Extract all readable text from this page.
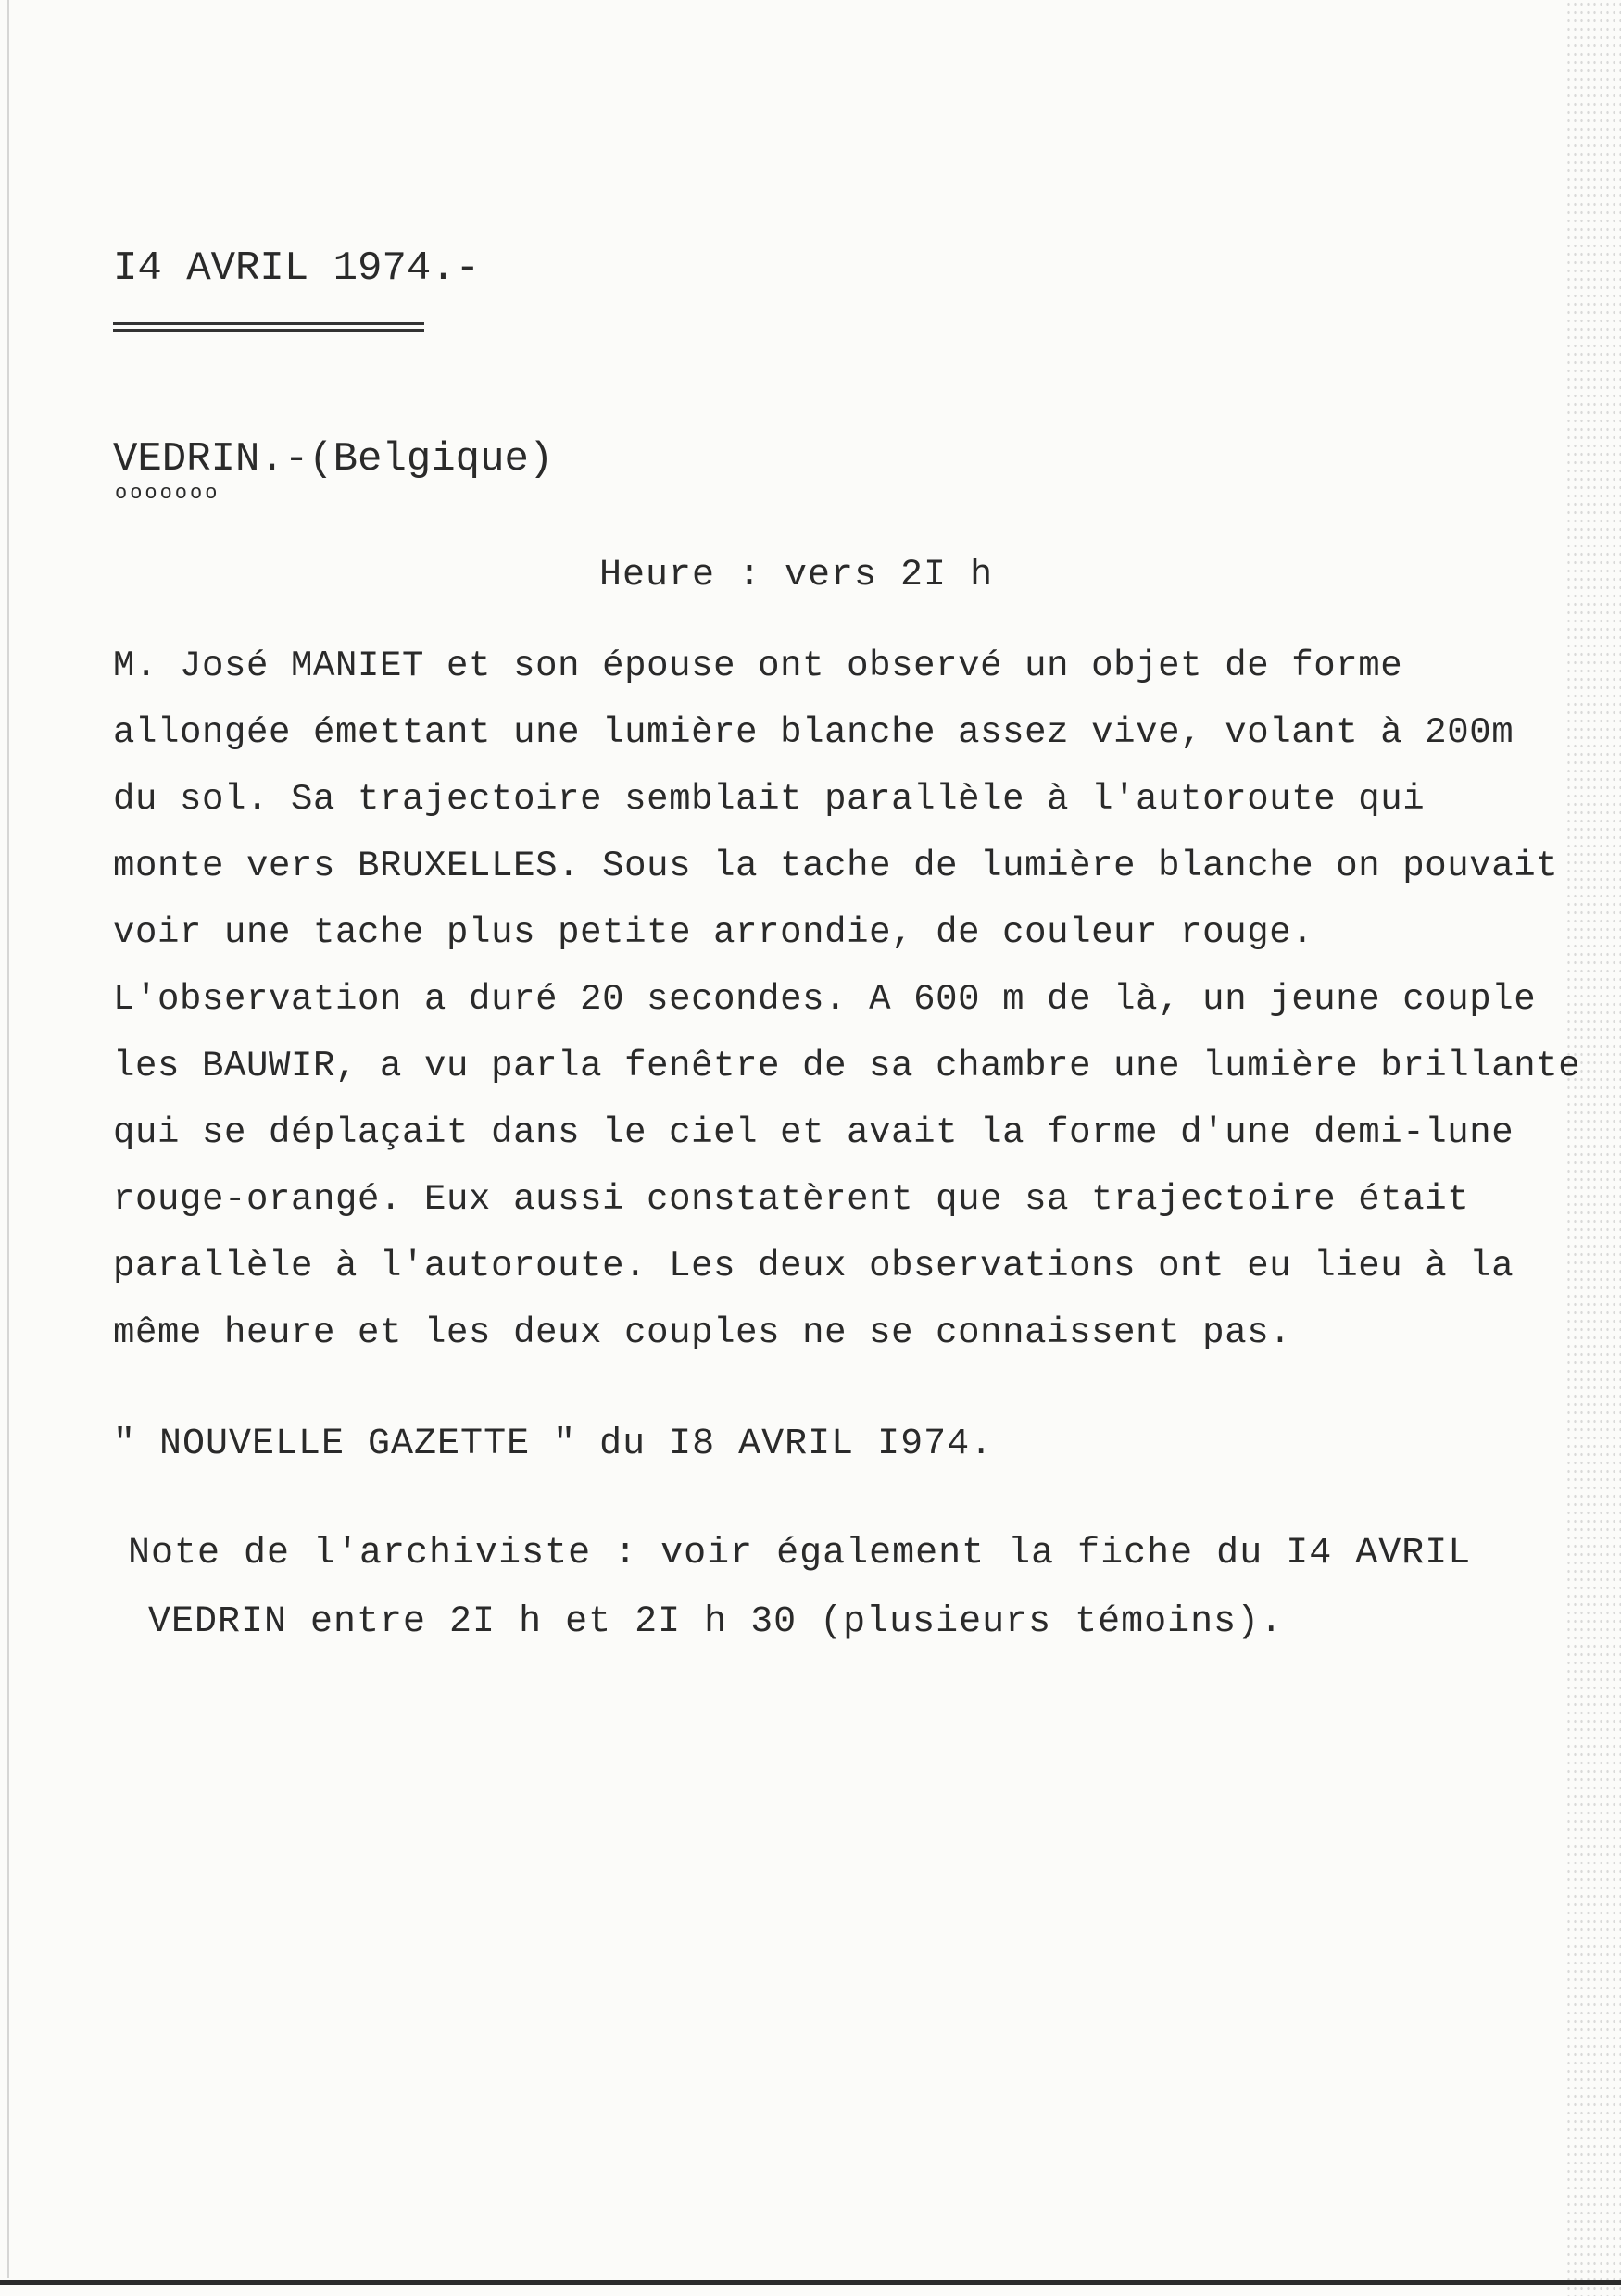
I4 AVRIL 1974.-
VEDRIN.-(Belgique)
ooooooo
Heure : vers 2I h
M. José MANIET et son épouse ont observé un objet de forme
allongée émettant une lumière blanche assez vive, volant à 200m
du sol. Sa trajectoire semblait parallèle à l'autoroute qui
monte vers BRUXELLES. Sous la tache de lumière blanche on pouvait
voir une tache plus petite arrondie, de couleur rouge.
L'observation a duré 20 secondes. A 600 m de là, un jeune couple
les BAUWIR, a vu parla fenêtre de sa chambre une lumière brillante
qui se déplaçait dans le ciel et avait la forme d'une demi-lune
rouge-orangé. Eux aussi constatèrent que sa trajectoire était
parallèle à l'autoroute. Les deux observations ont eu lieu à la
même heure et les deux couples ne se connaissent pas.
" NOUVELLE GAZETTE " du I8 AVRIL I974.
Note de l'archiviste : voir également la fiche du I4 AVRIL
VEDRIN entre 2I h et 2I h 30 (plusieurs témoins).
